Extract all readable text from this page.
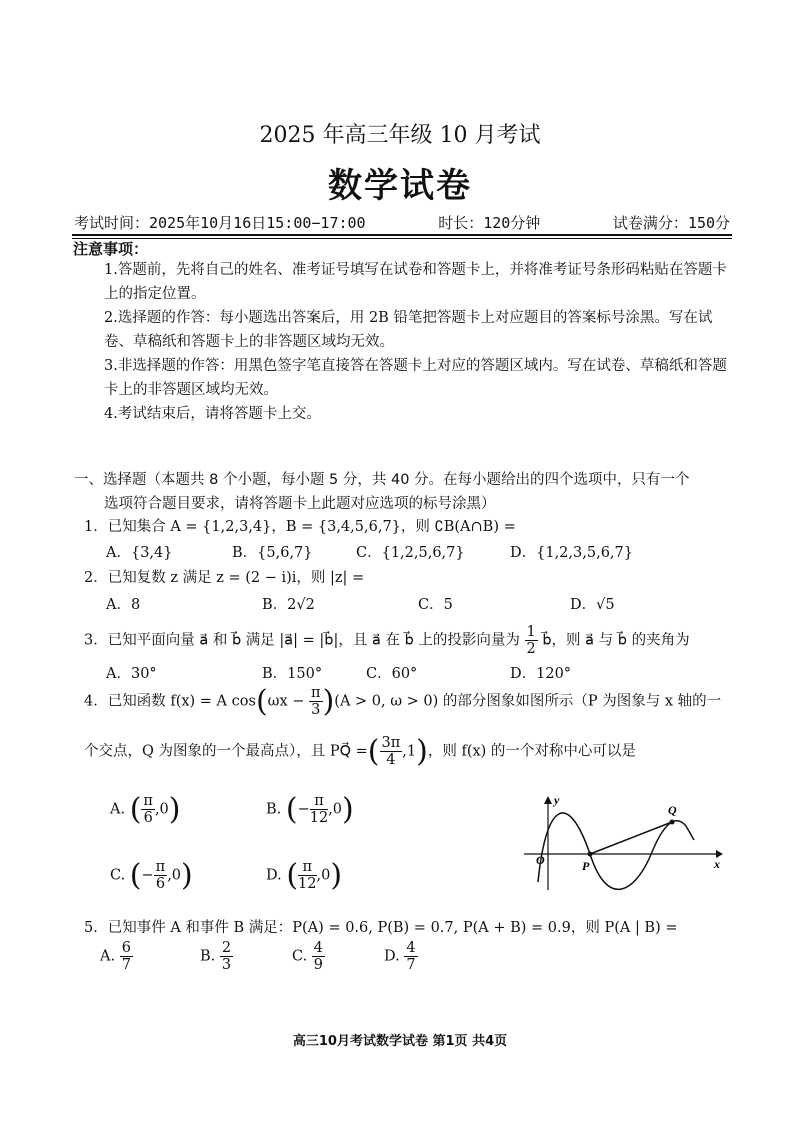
2025 年高三年级 10 月考试
数学试卷
考试时间：2025年10月16日15:00−17:00	时长：120分钟	试卷满分：150分
注意事项：
1.答题前，先将自己的姓名、准考证号填写在试卷和答题卡上，并将准考证号条形码粘贴在答题卡上的指定位置。
2.选择题的作答：每小题选出答案后，用 2B 铅笔把答题卡上对应题目的答案标号涂黑。写在试卷、草稿纸和答题卡上的非答题区域均无效。
3.非选择题的作答：用黑色签字笔直接答在答题卡上对应的答题区域内。写在试卷、草稿纸和答题卡上的非答题区域均无效。
4.考试结束后，请将答题卡上交。
一、选择题（本题共 8 个小题，每小题 5 分，共 40 分。在每小题给出的四个选项中，只有一个
选项符合题目要求，请将答题卡上此题对应选项的标号涂黑）
1．已知集合 A = {1,2,3,4}，B = {3,4,5,6,7}，则 ∁B(A∩B) =
A．{3,4}	B．{5,6,7}	C．{1,2,5,6,7}	D．{1,2,3,5,6,7}
2．已知复数 z 满足 z = (2 − i)i，则 |z| =
A．8	B．2√2	C．5	D．√5
3．已知平面向量 a⃗ 和 b⃗ 满足 |a⃗| = |b⃗|，且 a⃗ 在 b⃗ 上的投影向量为 $\frac{1}{2}$ b⃗，则 a⃗ 与 b⃗ 的夹角为
A．30°	B．150°	C．60°	D．120°
4．已知函数 f(x) = A $\cos(\omega x - \frac{\pi}{3} )(A > 0$, ω > 0) 的部分图象如图所示（P 为图象与 x 轴的一
个交点，Q 为图象的一个最高点），且 PQ⃗ =( $\frac{3\pi}{4} ,1$)，则 f(x) 的一个对称中心可以是
A. ( $\frac{\pi}{6} ,0$)	B. (− $\frac{\pi}{12} ,0$)
C. (− $\frac{\pi}{6} ,0$)	D. ( $\frac{\pi}{12} ,0$)
y
x
O	P
Q
5．已知事件 A 和事件 B 满足：P(A) = 0.6, P(B) = 0.7, P(A + B) = 0.9，则 P(A | B) =
A. $\frac{6}{7}$	B. $\frac{2}{3}$	C. $\frac{4}{9}$	D. $\frac{4}{7}$
高三10月考试数学试卷 第1页 共4页
